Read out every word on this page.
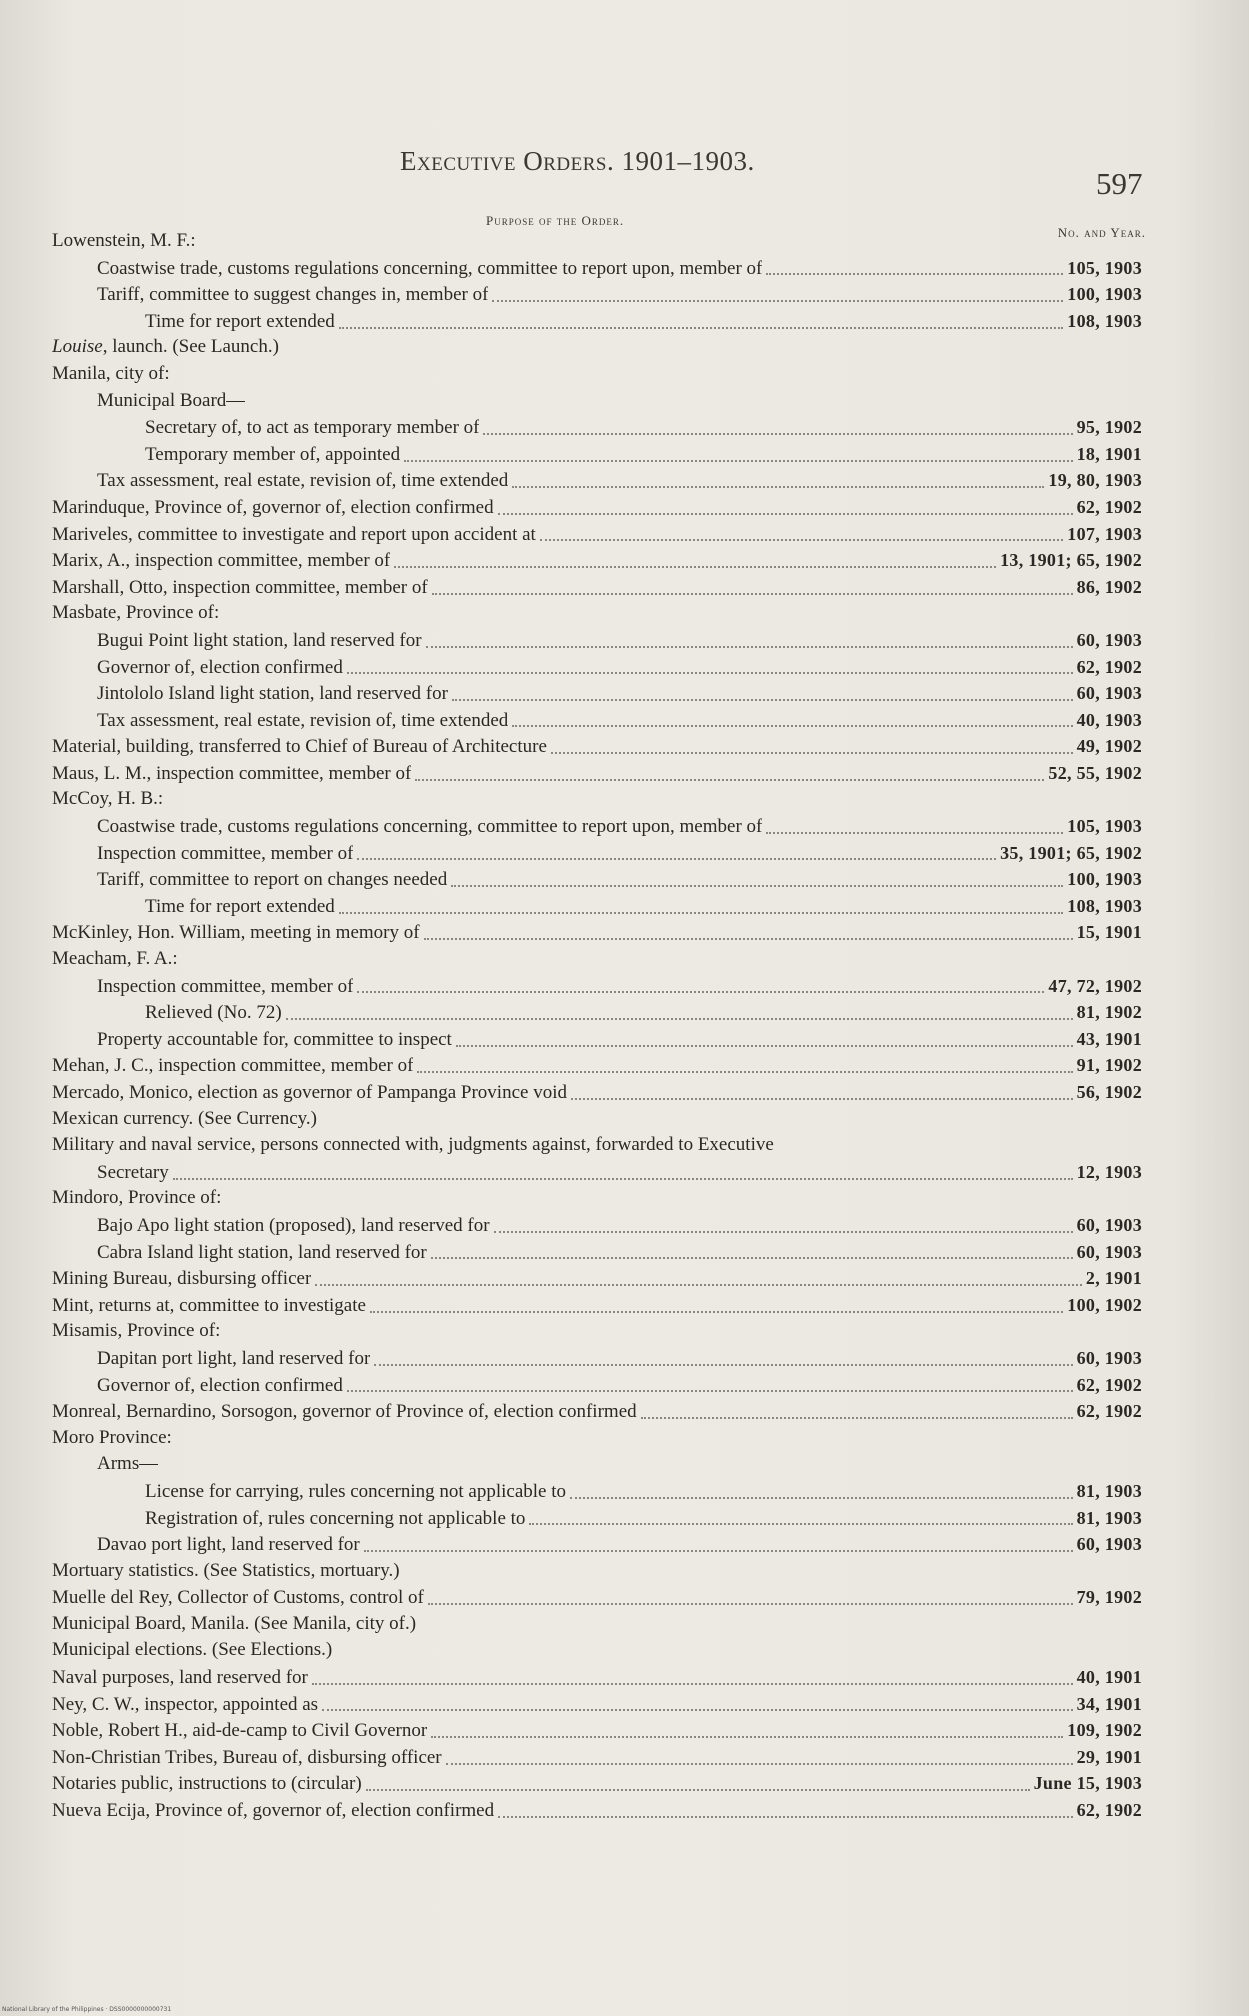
Executive Orders. 1901–1903.
597
Purpose of the Order.
No. and Year.
Lowenstein, M. F.:
Coastwise trade, customs regulations concerning, committee to report upon, member of	105, 1903
Tariff, committee to suggest changes in, member of	100, 1903
Time for report extended	108, 1903
Louise, launch. (See Launch.)
Manila, city of:
Municipal Board—
Secretary of, to act as temporary member of	95, 1902
Temporary member of, appointed	18, 1901
Tax assessment, real estate, revision of, time extended	19, 80, 1903
Marinduque, Province of, governor of, election confirmed	62, 1902
Mariveles, committee to investigate and report upon accident at	107, 1903
Marix, A., inspection committee, member of	13, 1901; 65, 1902
Marshall, Otto, inspection committee, member of	86, 1902
Masbate, Province of:
Bugui Point light station, land reserved for	60, 1903
Governor of, election confirmed	62, 1902
Jintololo Island light station, land reserved for	60, 1903
Tax assessment, real estate, revision of, time extended	40, 1903
Material, building, transferred to Chief of Bureau of Architecture	49, 1902
Maus, L. M., inspection committee, member of	52, 55, 1902
McCoy, H. B.:
Coastwise trade, customs regulations concerning, committee to report upon, member of	105, 1903
Inspection committee, member of	35, 1901; 65, 1902
Tariff, committee to report on changes needed	100, 1903
Time for report extended	108, 1903
McKinley, Hon. William, meeting in memory of	15, 1901
Meacham, F. A.:
Inspection committee, member of	47, 72, 1902
Relieved (No. 72)	81, 1902
Property accountable for, committee to inspect	43, 1901
Mehan, J. C., inspection committee, member of	91, 1902
Mercado, Monico, election as governor of Pampanga Province void	56, 1902
Mexican currency. (See Currency.)
Military and naval service, persons connected with, judgments against, forwarded to Executive
Secretary	12, 1903
Mindoro, Province of:
Bajo Apo light station (proposed), land reserved for	60, 1903
Cabra Island light station, land reserved for	60, 1903
Mining Bureau, disbursing officer	2, 1901
Mint, returns at, committee to investigate	100, 1902
Misamis, Province of:
Dapitan port light, land reserved for	60, 1903
Governor of, election confirmed	62, 1902
Monreal, Bernardino, Sorsogon, governor of Province of, election confirmed	62, 1902
Moro Province:
Arms—
License for carrying, rules concerning not applicable to	81, 1903
Registration of, rules concerning not applicable to	81, 1903
Davao port light, land reserved for	60, 1903
Mortuary statistics. (See Statistics, mortuary.)
Muelle del Rey, Collector of Customs, control of	79, 1902
Municipal Board, Manila. (See Manila, city of.)
Municipal elections. (See Elections.)
Naval purposes, land reserved for	40, 1901
Ney, C. W., inspector, appointed as	34, 1901
Noble, Robert H., aid-de-camp to Civil Governor	109, 1902
Non-Christian Tribes, Bureau of, disbursing officer	29, 1901
Notaries public, instructions to (circular)	June 15, 1903
Nueva Ecija, Province of, governor of, election confirmed	62, 1902
National Library of the Philippines · DSS0000000000731
